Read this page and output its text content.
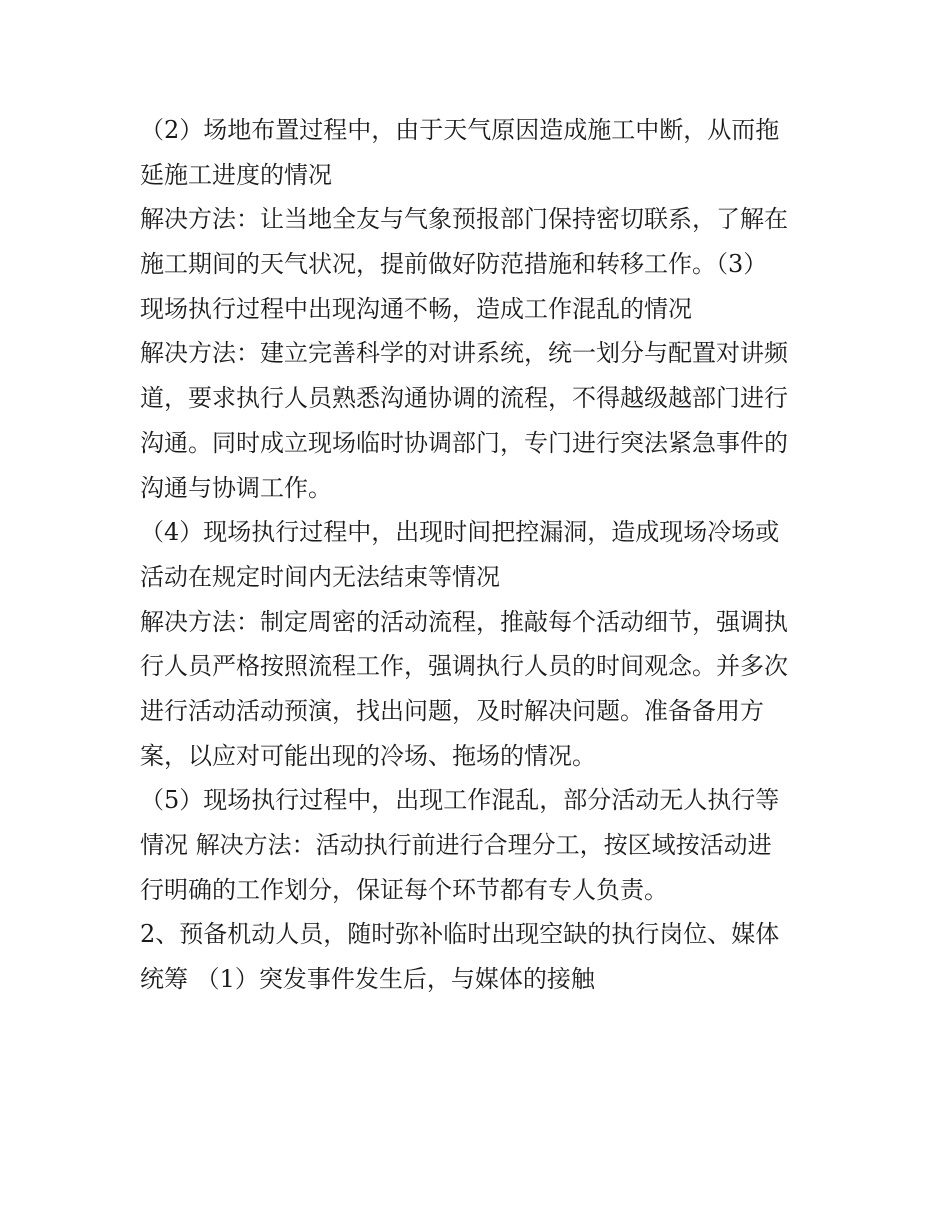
（2）场地布置过程中，由于天气原因造成施工中断，从而拖
延施工进度的情况
解决方法：让当地全友与气象预报部门保持密切联系，了解在
施工期间的天气状况，提前做好防范措施和转移工作。（3）
现场执行过程中出现沟通不畅，造成工作混乱的情况
解决方法：建立完善科学的对讲系统，统一划分与配置对讲频
道，要求执行人员熟悉沟通协调的流程，不得越级越部门进行
沟通。同时成立现场临时协调部门，专门进行突法紧急事件的
沟通与协调工作。
（4）现场执行过程中，出现时间把控漏洞，造成现场冷场或
活动在规定时间内无法结束等情况
解决方法：制定周密的活动流程，推敲每个活动细节，强调执
行人员严格按照流程工作，强调执行人员的时间观念。并多次
进行活动活动预演，找出问题，及时解决问题。准备备用方
案，以应对可能出现的冷场、拖场的情况。
（5）现场执行过程中，出现工作混乱，部分活动无人执行等
情况 解决方法：活动执行前进行合理分工，按区域按活动进
行明确的工作划分，保证每个环节都有专人负责。
2、预备机动人员，随时弥补临时出现空缺的执行岗位、媒体
统筹 （1）突发事件发生后，与媒体的接触
